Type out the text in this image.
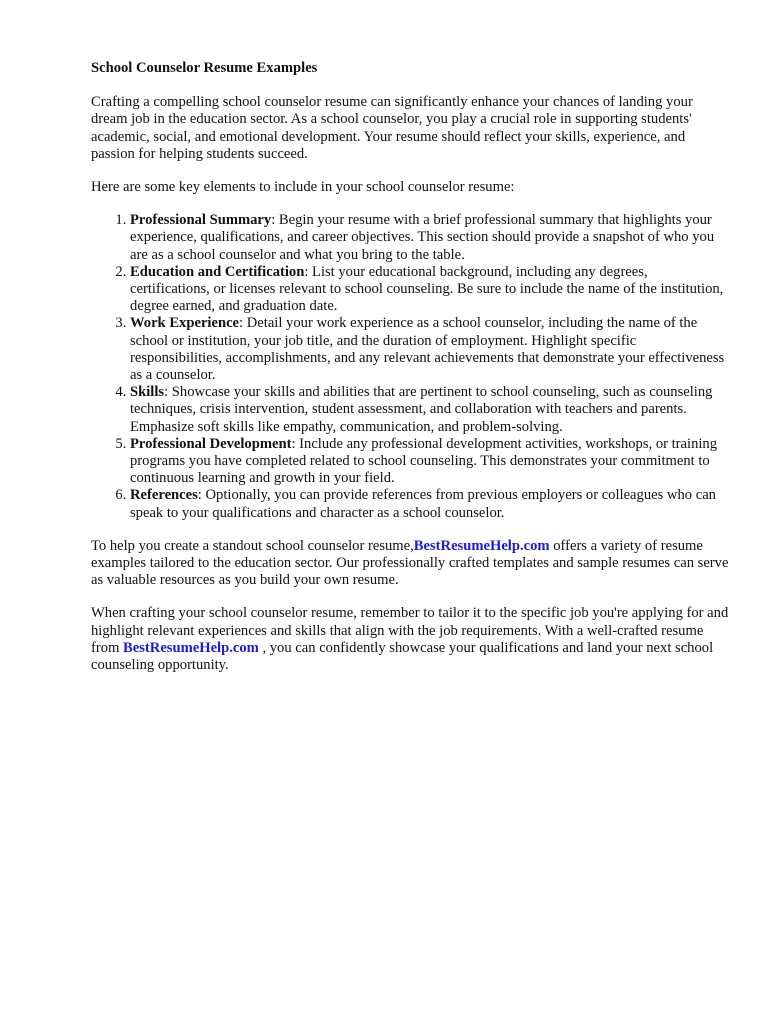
School Counselor Resume Examples

Crafting a compelling school counselor resume can significantly enhance your chances of landing your dream job in the education sector. As a school counselor, you play a crucial role in supporting students' academic, social, and emotional development. Your resume should reflect your skills, experience, and passion for helping students succeed.

Here are some key elements to include in your school counselor resume:

1. Professional Summary: Begin your resume with a brief professional summary that highlights your experience, qualifications, and career objectives. This section should provide a snapshot of who you are as a school counselor and what you bring to the table.
2. Education and Certification: List your educational background, including any degrees, certifications, or licenses relevant to school counseling. Be sure to include the name of the institution, degree earned, and graduation date.
3. Work Experience: Detail your work experience as a school counselor, including the name of the school or institution, your job title, and the duration of employment. Highlight specific responsibilities, accomplishments, and any relevant achievements that demonstrate your effectiveness as a counselor.
4. Skills: Showcase your skills and abilities that are pertinent to school counseling, such as counseling techniques, crisis intervention, student assessment, and collaboration with teachers and parents. Emphasize soft skills like empathy, communication, and problem-solving.
5. Professional Development: Include any professional development activities, workshops, or training programs you have completed related to school counseling. This demonstrates your commitment to continuous learning and growth in your field.
6. References: Optionally, you can provide references from previous employers or colleagues who can speak to your qualifications and character as a school counselor.

To help you create a standout school counselor resume,BestResumeHelp.com offers a variety of resume examples tailored to the education sector. Our professionally crafted templates and sample resumes can serve as valuable resources as you build your own resume.

When crafting your school counselor resume, remember to tailor it to the specific job you're applying for and highlight relevant experiences and skills that align with the job requirements. With a well-crafted resume from BestResumeHelp.com , you can confidently showcase your qualifications and land your next school counseling opportunity.
